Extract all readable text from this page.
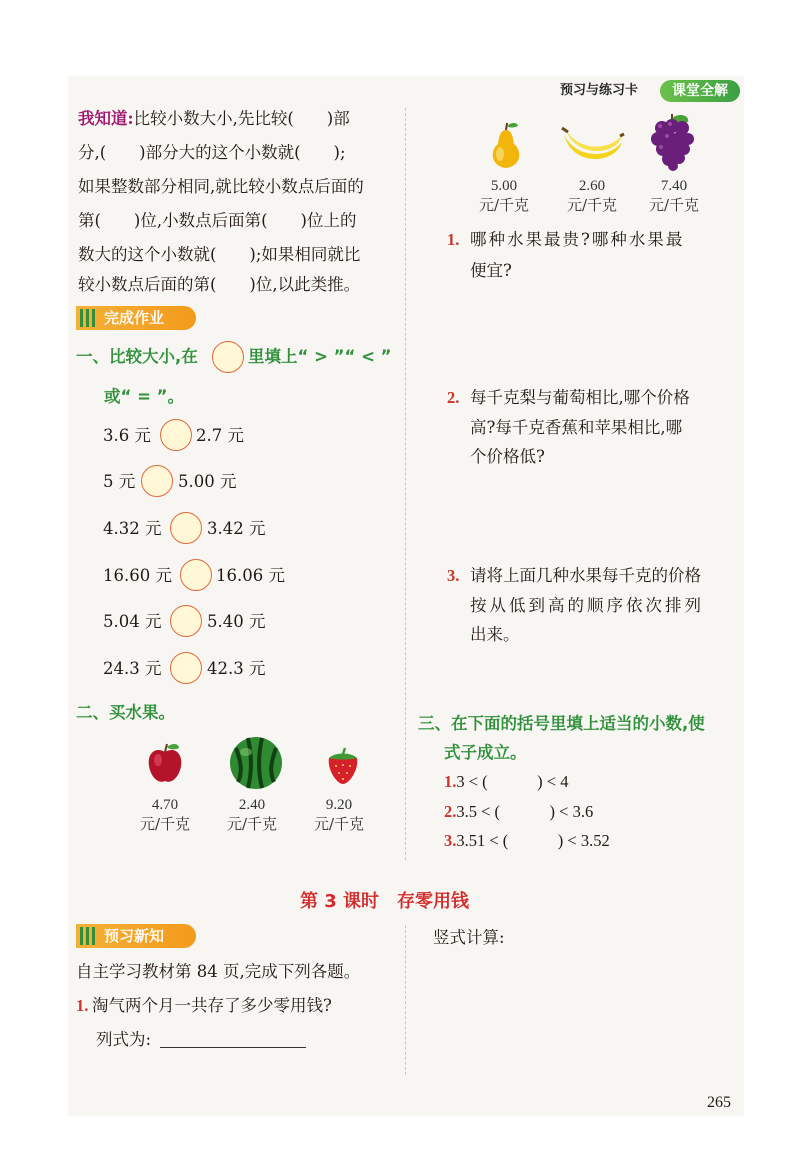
预习与练习卡	课堂全解
我知道:比较小数大小,先比较(　　)部
分,(　　)部分大的这个小数就(　　);
如果整数部分相同,就比较小数点后面的
第(　　)位,小数点后面第(　　)位上的
数大的这个小数就(　　);如果相同就比
较小数点后面的第(　　)位,以此类推。
完成作业
一、比较大小,在	里填上“ > ”“ < ”
或“ = ”。
3.6 元	2.7 元
5 元	5.00 元
4.32 元	3.42 元
16.60 元	16.06 元
5.04 元	5.40 元
24.3 元	42.3 元
二、买水果。
4.70
元/千克
2.40
元/千克
9.20
元/千克
5.00
元/千克
2.60
元/千克
7.40
元/千克
1. 哪种水果最贵?哪种水果最
便宜?
2. 每千克梨与葡萄相比,哪个价格
高?每千克香蕉和苹果相比,哪
个价格低?
3. 请将上面几种水果每千克的价格
按从低到高的顺序依次排列
出来。
三、在下面的括号里填上适当的小数,使
式子成立。
1.3 < (　　　) < 4
2.3.5 < (　　　) < 3.6
3.3.51 < (　　　) < 3.52
第 3 课时　存零用钱
预习新知	竖式计算:
自主学习教材第 84 页,完成下列各题。
1. 淘气两个月一共存了多少零用钱?
列式为:
265
